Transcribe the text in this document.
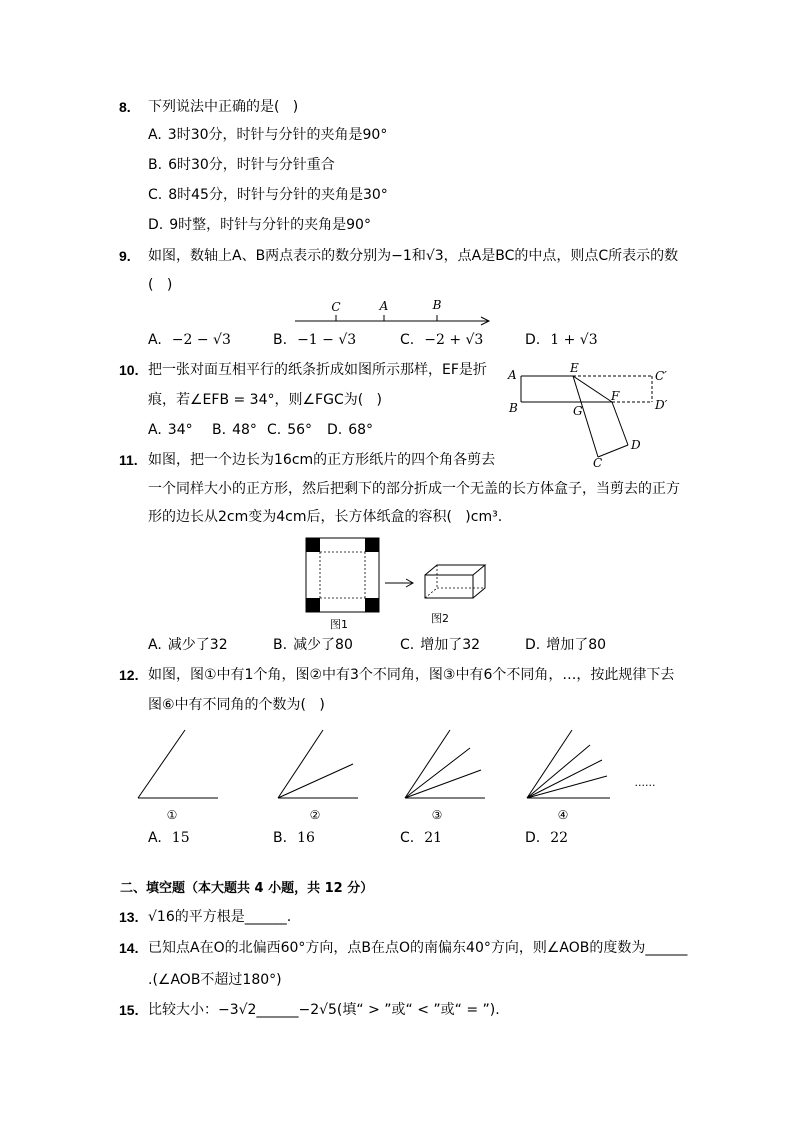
8. 下列说法中正确的是(   )
A. 3时30分，时针与分针的夹角是90°
B. 6时30分，时针与分针重合
C. 8时45分，时针与分针的夹角是30°
D. 9时整，时针与分针的夹角是90°
9. 如图，数轴上A、B两点表示的数分别为−1和√3，点A是BC的中点，则点C所表示的数
(   )
C	A	B
A. −2 − √3	B. −1 − √3	C. −2 + √3	D. 1 + √3
10. 把一张对面互相平行的纸条折成如图所示那样，EF是折
痕，若∠EFB = 34°，则∠FGC为(   )
A	E
C′
B	G
F
D′
D
C
A. 34° B. 48° C. 56° D. 68°
11. 如图，把一个边长为16cm的正方形纸片的四个角各剪去
一个同样大小的正方形，然后把剩下的部分折成一个无盖的长方体盒子，当剪去的正方
形的边长从2cm变为4cm后，长方体纸盒的容积(   )cm³.
图1	图2
A. 减少了32	B. 减少了80	C. 增加了32	D. 增加了80
12. 如图，图①中有1个角，图②中有3个不同角，图③中有6个不同角，…，按此规律下去
图⑥中有不同角的个数为(   )
......
①	②	③	④
A. 15	B. 16	C. 21	D. 22
二、填空题（本大题共 4 小题，共 12 分）
13. √16的平方根是______.
14. 已知点A在O的北偏西60°方向，点B在点O的南偏东40°方向，则∠AOB的度数为______
.(∠AOB不超过180°)
15. 比较大小：−3√2______−2√5(填“ > ”或“ < ”或“ = ”).
